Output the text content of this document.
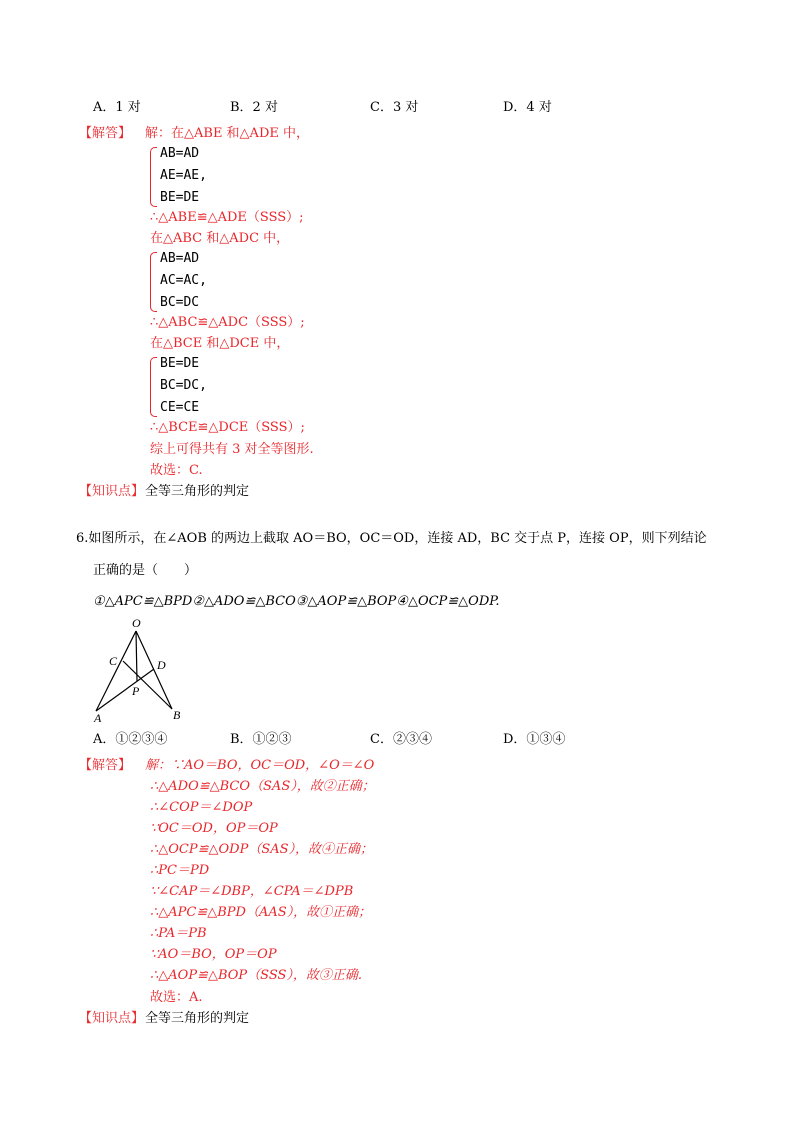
A．1 对	B．2 对	C．3 对	D．4 对
【解答】 解：在△ABE 和△ADE 中，
AB=AD
AE=AE,
BE=DE
∴△ABE≌△ADE（SSS）;
在△ABC 和△ADC 中，
AB=AD
AC=AC,
BC=DC
∴△ABC≌△ADC（SSS）;
在△BCE 和△DCE 中，
BE=DE
BC=DC,
CE=CE
∴△BCE≌△DCE（SSS）;
综上可得共有 3 对全等图形.
故选：C.
【知识点】 全等三角形的判定
6.如图所示，在∠AOB 的两边上截取 AO＝BO，OC＝OD，连接 AD，BC 交于点 P，连接 OP，则下列结论
正确的是（　　）
①△APC≌△BPD②△ADO≌△BCO③△AOP≌△BOP④△OCP≌△ODP.
O
C	D
P
A	B
A．①②③④	B．①②③	C．②③④	D．①③④
【解答】 解：∵AO＝BO，OC＝OD，∠O＝∠O
∴△ADO≌△BCO（SAS），故②正确；
∴∠COP＝∠DOP
∵OC＝OD，OP＝OP
∴△OCP≌△ODP（SAS），故④正确；
∴PC＝PD
∵∠CAP＝∠DBP，∠CPA＝∠DPB
∴△APC≌△BPD（AAS），故①正确；
∴PA＝PB
∵AO＝BO，OP＝OP
∴△AOP≌△BOP（SSS），故③正确.
故选：A.
【知识点】 全等三角形的判定
